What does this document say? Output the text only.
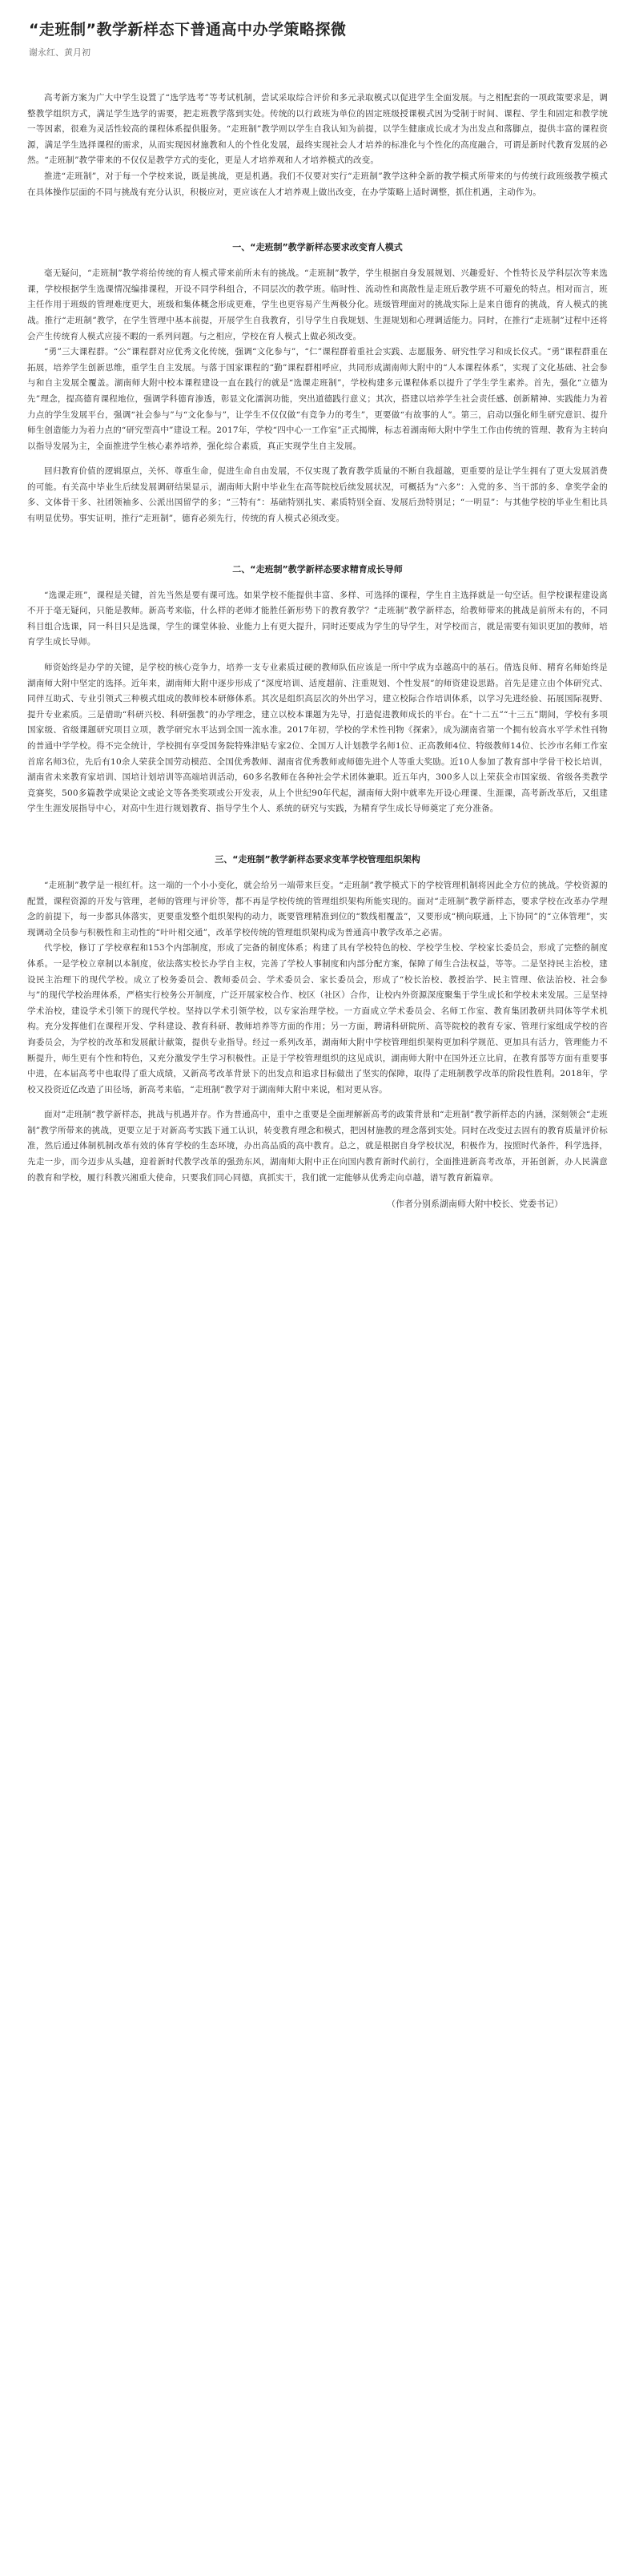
“走班制”教学新样态下普通高中办学策略探微
谢永红、黄月初

高考新方案为广大中学生设置了“选学选考”等考试机制，尝试采取综合评价和多元录取模式以促进学生全面发展。与之相配套的一项政策要求是，调整教学组织方式，满足学生选学的需要，把走班教学落到实处。传统的以行政班为单位的固定班级授课模式因为受制于时间、课程、学生和固定和教学统一等因素，很难为灵活性较高的课程体系提供服务。“走班制”教学则以学生自我认知为前提，以学生健康成长成才为出发点和落脚点，提供丰富的课程资源，满足学生选择课程的需求，从而实现因材施教和人的个性化发展，最终实现社会人才培养的标准化与个性化的高度融合，可谓是新时代教育发展的必然。“走班制”教学带来的不仅仅是教学方式的变化，更是人才培养观和人才培养模式的改变。

推进“走班制”，对于每一个学校来说，既是挑战，更是机遇。我们不仅要对实行“走班制”教学这种全新的教学模式所带来的与传统行政班级教学模式在具体操作层面的不同与挑战有充分认识，积极应对，更应该在人才培养观上做出改变，在办学策略上适时调整，抓住机遇，主动作为。

一、“走班制”教学新样态要求改变育人模式

毫无疑问，“走班制”教学将给传统的育人模式带来前所未有的挑战。“走班制”教学，学生根据自身发展规划、兴趣爱好、个性特长及学科层次等来选课，学校根据学生选课情况编排课程，开设不同学科组合，不同层次的教学班。临时性、流动性和离散性是走班后教学班不可避免的特点。相对而言，班主任作用于班级的管理难度更大，班级和集体概念形成更难，学生也更容易产生两极分化。班级管理面对的挑战实际上是来自德育的挑战，育人模式的挑战。推行“走班制”教学，在学生管理中基本前提，开展学生自我教育，引导学生自我规划、生涯规划和心理调适能力。同时，在推行“走班制”过程中还将会产生传统育人模式应接不暇的一系列问题。与之相应，学校在育人模式上做必须改变。

“勇”三大课程群。“公”课程群对应优秀文化传统，强调“文化参与”，“仁”课程群着重社会实践、志愿服务、研究性学习和成长仪式。“勇”课程群重在拓展，培养学生创新思维，重学生自主发展。与落于国家课程的“勤”课程群相呼应，共同形成湖南师大附中的“人本课程体系”，实现了文化基础、社会参与和自主发展全覆盖。湖南师大附中校本课程建设一直在践行的就是“选课走班制”，学校构建多元课程体系以提升了学生学生素养。首先，强化“立德为先”理念，提高德育课程地位，强调学科德育渗透，彰显文化濡润功能，突出道德践行意义；其次，搭建以培养学生社会责任感、创新精神、实践能力为着力点的学生发展平台，强调“社会参与”与“文化参与”，让学生不仅仅做“有竞争力的考生”，更要做“有故事的人”。第三，启动以强化师生研究意识、提升师生创造能力为着力点的“研究型高中”建设工程。2017年，学校“四中心一工作室”正式揭牌，标志着湖南师大附中学生工作由传统的管理、教育为主转向以指导发展为主，全面推进学生核心素养培养，强化综合素质，真正实现学生自主发展。

回归教育价值的逻辑原点，关怀、尊重生命，促进生命自由发展，不仅实现了教育教学质量的不断自我超越，更重要的是让学生拥有了更大发展消费的可能。有关高中毕业生后续发展调研结果显示，湖南师大附中毕业生在高等院校后续发展状况，可概括为“六多”：入党的多、当干部的多、拿奖学金的多、文体骨干多、社团领袖多、公派出国留学的多；“三特有”：基础特别扎实、素质特别全面、发展后劲特别足；“一明显”：与其他学校的毕业生相比具有明显优势。事实证明，推行“走班制”，德育必须先行，传统的育人模式必须改变。

二、“走班制”教学新样态要求精育成长导师

“选课走班”，课程是关键，首先当然是要有课可选。如果学校不能提供丰富、多样、可选择的课程，学生自主选择就是一句空话。但学校课程建设离不开于毫无疑问，只能是教师。新高考来临，什么样的老师才能胜任新形势下的教育教学？“走班制”教学新样态，给教师带来的挑战是前所未有的，不同科目组合选课，同一科目只是选课，学生的课堂体验、业能力上有更大提升，同时还要成为学生的导学生，对学校而言，就是需要有知识更加的教师，培育学生成长导师。

师资始终是办学的关键，是学校的核心竞争力，培养一支专业素质过硬的教师队伍应该是一所中学成为卓越高中的基石。借选良师、精育名师始终是湖南师大附中坚定的选择。近年来，湖南师大附中逐步形成了“深度培训、适度超前、注重规划、个性发展”的师资建设思路。首先是建立由个体研究式、同伴互助式、专业引领式三种模式组成的教师校本研修体系。其次是组织高层次的外出学习，建立校际合作培训体系，以学习先进经验、拓展国际视野、提升专业素质。三是借助“科研兴校、科研强教”的办学理念，建立以校本课题为先导，打造促进教师成长的平台。在“十二五”“十三五”期间，学校有多项国家级、省级课题研究项目立项，教学研究水平达到全国一流水准。2017年初，学校的学术性刊物《探索》，成为湖南省第一个拥有较高水平学术性刊物的普通中学学校。得不完全统计，学校拥有享受国务院特殊津贴专家2位、全国万人计划教学名师1位、正高教师4位、特级教师14位、长沙市名师工作室首席名师3位，先后有10余人荣获全国劳动模范、全国优秀教师、湖南省优秀教师或师德先进个人等重大奖励。近10人参加了教育部中学骨干校长培训，湖南省未来教育家培训、国培计划培训等高端培训活动，60多名教师在各种社会学术团体兼职。近五年内，300多人以上荣获全市国家级、省级各类教学竞赛奖，500多篇教学成果论文或论文等各类奖项或公开发表，从上个世纪90年代起，湖南师大附中就率先开设心理课、生涯课，高考新改革后，又组建学生生涯发展指导中心，对高中生进行规划教育、指导学生个人、系统的研究与实践，为精育学生成长导师奠定了充分准备。

三、“走班制”教学新样态要求变革学校管理组织架构

“走班制”教学是一根红杆。这一端的一个小小变化，就会给另一端带来巨变。“走班制”教学模式下的学校管理机制将因此全方位的挑战。学校资源的配置，课程资源的开发与管理，老师的管理与评价等，都不再是学校传统的管理组织架构所能实现的。面对“走班制”教学新样态，要求学校在改革办学理念的前提下，每一步都具体落实，更要重发整个组织架构的动力，既要管理精准到位的“数线相覆盖”，又要形成“横向联通，上下协同”的“立体管理”，实现调动全员参与积极性和主动性的“叶叶相交通”，改革学校传统的管理组织架构成为普通高中教学改革之必需。

代学校，修订了学校章程和153个内部制度，形成了完备的制度体系；构建了具有学校特色的校、学校学生校、学校家长委员会，形成了完整的制度体系。一是学校立章制以本制度，依法落实校长办学自主权，完善了学校人事制度和内部分配方案，保障了师生合法权益，等等。二是坚持民主治校，建设民主治理下的现代学校。成立了校务委员会、教师委员会、学术委员会、家长委员会，形成了“校长治校、教授治学、民主管理、依法治校、社会参与”的现代学校治理体系，严格实行校务公开制度，广泛开展家校合作、校区（社区）合作，让校内外资源深度聚集于学生成长和学校未来发展。三是坚持学术治校，建设学术引领下的现代学校。坚持以学术引领学校，以专家治理学校。一方面成立学术委员会、名师工作室、教育集团教研共同体等学术机构。充分发挥他们在课程开发、学科建设、教育科研、教师培养等方面的作用；另一方面，聘请科研院所、高等院校的教育专家、管理行家组成学校的咨询委员会，为学校的改革和发展献计献策，提供专业指导。经过一系列改革，湖南师大附中学校管理组织架构更加科学规范、更加具有活力，管理能力不断提升，师生更有个性和特色，又充分激发学生学习积极性。正是于学校管理组织的这见成识，湖南师大附中在国外还立比肩，在教育部等方面有重要事中进，在本届高考中也取得了重大成绩，又新高考改革背景下的出发点和追求目标做出了坚实的保障，取得了走班制教学改革的阶段性胜利。2018年，学校又投资近亿改造了田径场，新高考来临，“走班制”教学对于湖南师大附中来说，相对更从容。

面对“走班制”教学新样态，挑战与机遇并存。作为普通高中，重中之重要是全面理解新高考的政策背景和“走班制”教学新样态的内涵，深刻领会“走班制”教学所带来的挑战，更要立足于对新高考实践下通工认识，转变教育理念和模式，把因材施教的理念落到实处。同时在改变过去固有的教育质量评价标准，然后通过体制机制改革有效的体育学校的生态环境，办出高品质的高中教育。总之，就是根据自身学校状况，积极作为，按照时代条件，科学选择，先走一步，而今迈步从头越，迎着新时代教学改革的强劲东风，湖南师大附中正在向国内教育新时代前行，全面推进新高考改革，开拓创新，办人民满意的教育和学校，履行科教兴湘重大使命，只要我们同心同德，真抓实干，我们就一定能够从优秀走向卓越，谱写教育新篇章。

（作者分别系湖南师大附中校长、党委书记）
